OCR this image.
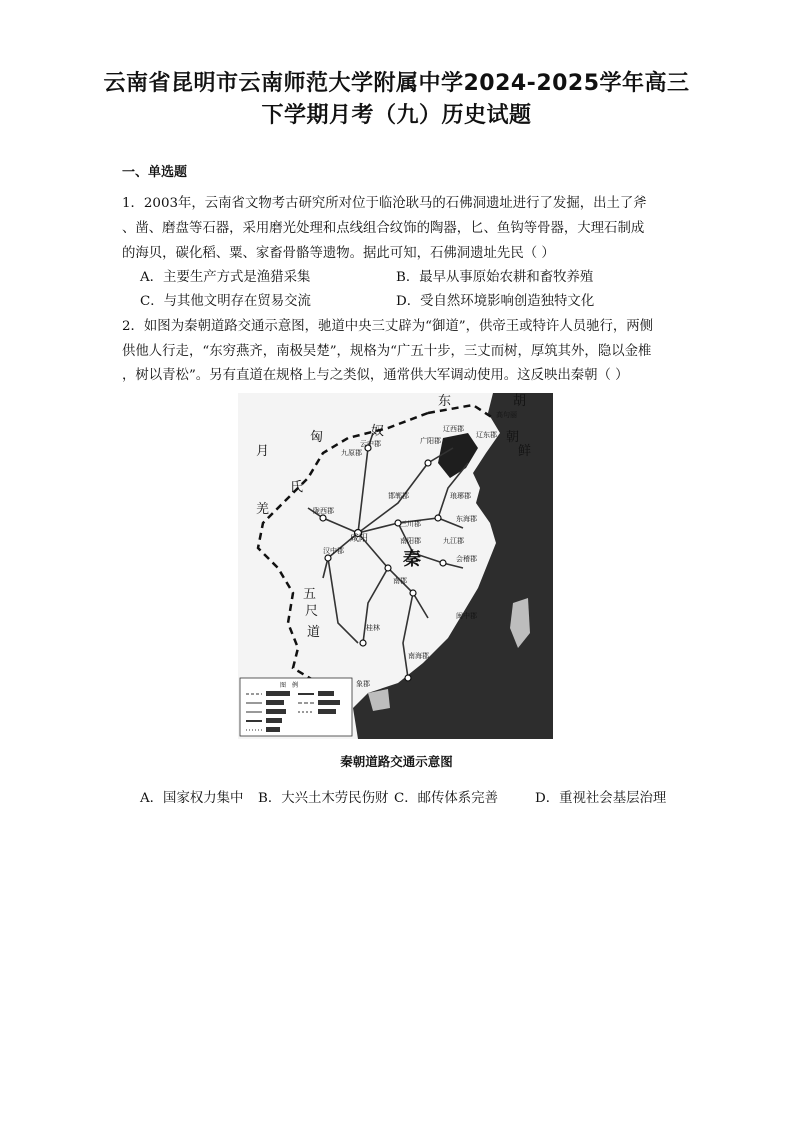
云南省昆明市云南师范大学附属中学2024-2025学年高三
下学期月考（九）历史试题
一、单选题
1．2003年，云南省文物考古研究所对位于临沧耿马的石佛洞遗址进行了发掘，出土了斧
、凿、磨盘等石器，采用磨光处理和点线组合纹饰的陶器，匕、鱼钩等骨器，大理石制成
的海贝，碳化稻、粟、家畜骨骼等遗物。据此可知，石佛洞遗址先民（ ）
A．主要生产方式是渔猎采集	B．最早从事原始农耕和畜牧养殖
C．与其他文明存在贸易交流	D．受自然环境影响创造独特文化
2．如图为秦朝道路交通示意图，驰道中央三丈辟为“御道”，供帝王或特许人员驰行，两侧
供他人行走，“东穷燕齐，南极吴楚”，规格为“广五十步，三丈而树，厚筑其外，隐以金椎
，树以青松”。另有直道在规格上与之类似，通常供大军调动使用。这反映出秦朝（ ）
东	胡
匈	奴
月
氏
羌
秦
朝
鲜
五
尺
道
高句丽
辽西郡
辽东郡
云中郡	广阳郡
九原郡
邯郸郡	琅琊郡
陇西郡
三川郡
咸阳
东海郡
汉中郡
南阳郡	九江郡
会稽郡
南郡
闽中郡
南海郡
桂林
象郡
图　例
秦朝道路交通示意图
A．国家权力集中 B．大兴土木劳民伤财 C．邮传体系完善	D．重视社会基层治理
